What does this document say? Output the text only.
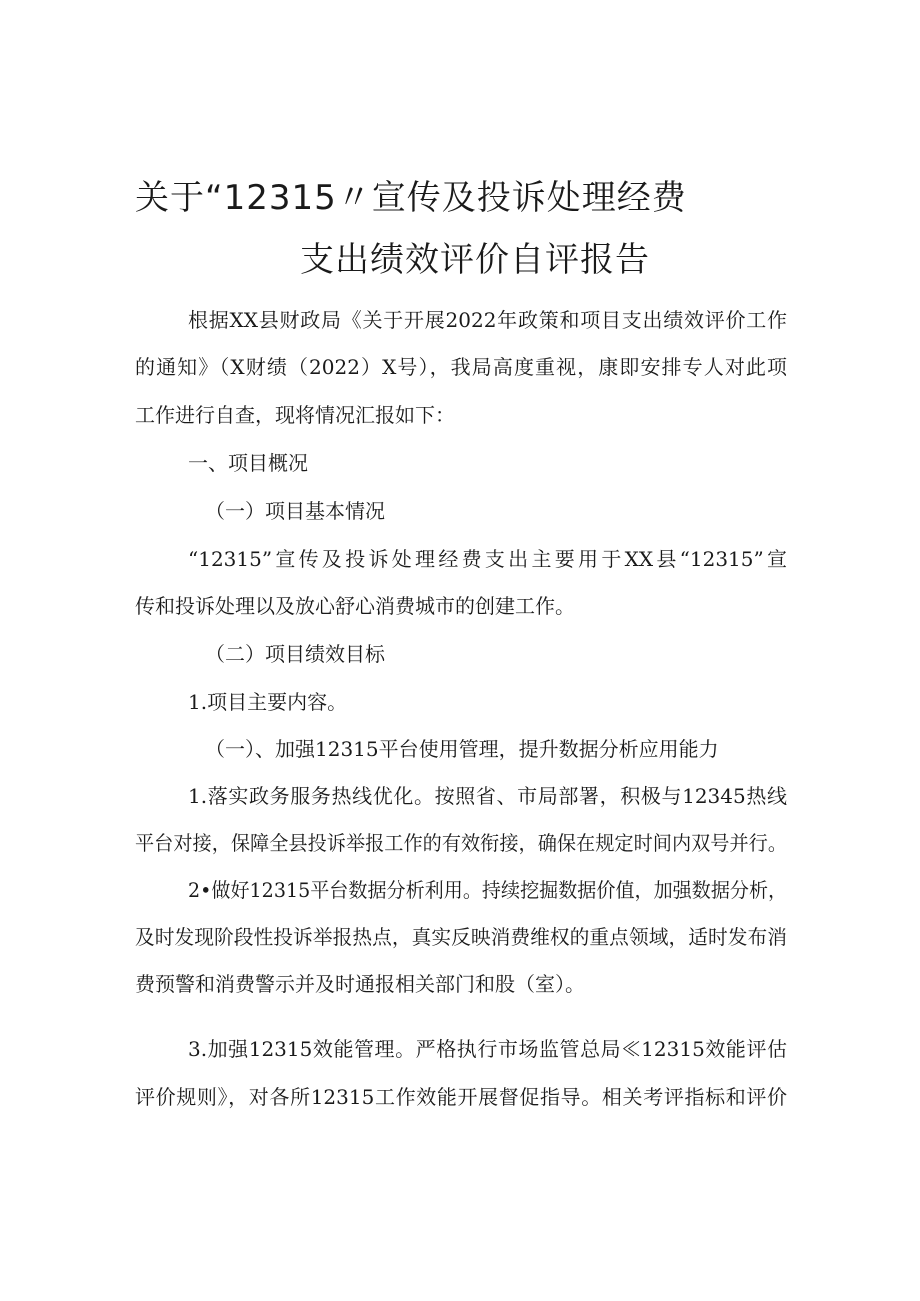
关于“12315〃宣传及投诉处理经费
支出绩效评价自评报告
根据XX县财政局《关于开展2022年政策和项目支出绩效评价工作
的通知》（X财绩（2022）X号），我局高度重视，康即安排专人对此项
工作进行自查，现将情况汇报如下：
一、项目概况
（一）项目基本情况
“12315”宣传及投诉处理经费支出主要用于XX县“12315”宣
传和投诉处理以及放心舒心消费城市的创建工作。
（二）项目绩效目标
1.项目主要内容。
（一）、加强12315平台使用管理，提升数据分析应用能力
1.落实政务服务热线优化。按照省、市局部署，积极与12345热线
平台对接，保障全县投诉举报工作的有效衔接，确保在规定时间内双号并行。
2•做好12315平台数据分析利用。持续挖掘数据价值，加强数据分析，
及时发现阶段性投诉举报热点，真实反映消费维权的重点领域，适时发布消
费预警和消费警示并及时通报相关部门和股（室）。
3.加强12315效能管理。严格执行市场监管总局≪12315效能评估
评价规则》，对各所12315工作效能开展督促指导。相关考评指标和评价
